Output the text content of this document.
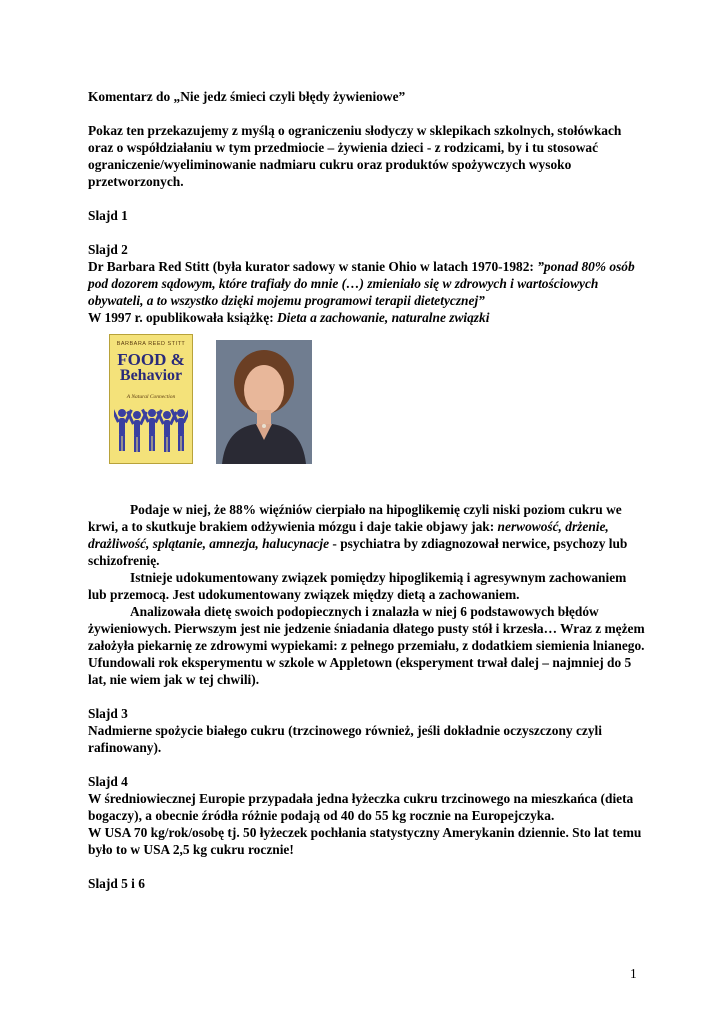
Komentarz do „Nie jedz śmieci czyli błędy żywieniowe”

Pokaz ten przekazujemy z myślą o ograniczeniu słodyczy w sklepikach szkolnych, stołówkach oraz o współdziałaniu w tym przedmiocie – żywienia dzieci - z rodzicami, by i tu stosować ograniczenie/wyeliminowanie nadmiaru cukru oraz produktów spożywczych wysoko przetworzonych.

Slajd 1

Slajd 2

Dr Barbara Red Stitt (była kurator sadowy w stanie Ohio w latach 1970-1982: ”ponad 80% osób pod dozorem sądowym, które trafiały do mnie (…) zmieniało się w zdrowych i wartościowych obywateli, a to wszystko dzięki mojemu programowi terapii dietetycznej”

W 1997 r. opublikowała książkę: Dieta a zachowanie, naturalne związki

BARBARA REED STITT
FOOD &
Behavior
A Natural Connection

Podaje w niej, że 88% więźniów cierpiało na hipoglikemię czyli niski poziom cukru we krwi, a to skutkuje brakiem odżywienia mózgu i daje takie objawy jak: nerwowość, drżenie, drażliwość, splątanie, amnezja, halucynacje - psychiatra by zdiagnozował nerwice, psychozy lub schizofrenię.

Istnieje udokumentowany związek pomiędzy hipoglikemią i agresywnym zachowaniem lub przemocą. Jest udokumentowany związek między dietą a zachowaniem.

Analizowała dietę swoich podopiecznych i znalazła w niej 6 podstawowych błędów żywieniowych. Pierwszym jest nie jedzenie śniadania dłatego pusty stół i krzesła… Wraz z mężem założyła piekarnię ze zdrowymi wypiekami: z pełnego przemiału, z dodatkiem siemienia lnianego. Ufundowali rok eksperymentu w szkole w Appletown (eksperyment trwał dalej – najmniej do 5 lat, nie wiem jak w tej chwili).

Slajd 3

Nadmierne spożycie białego cukru (trzcinowego również, jeśli dokładnie oczyszczony czyli rafinowany).

Slajd 4

W średniowiecznej Europie przypadała jedna łyżeczka cukru trzcinowego na mieszkańca (dieta bogaczy), a obecnie źródła różnie podają od 40 do 55 kg rocznie na Europejczyka.

W USA 70 kg/rok/osobę tj. 50 łyżeczek pochłania statystyczny Amerykanin dziennie. Sto lat temu było to w USA 2,5 kg cukru rocznie!

Slajd 5 i 6

1
